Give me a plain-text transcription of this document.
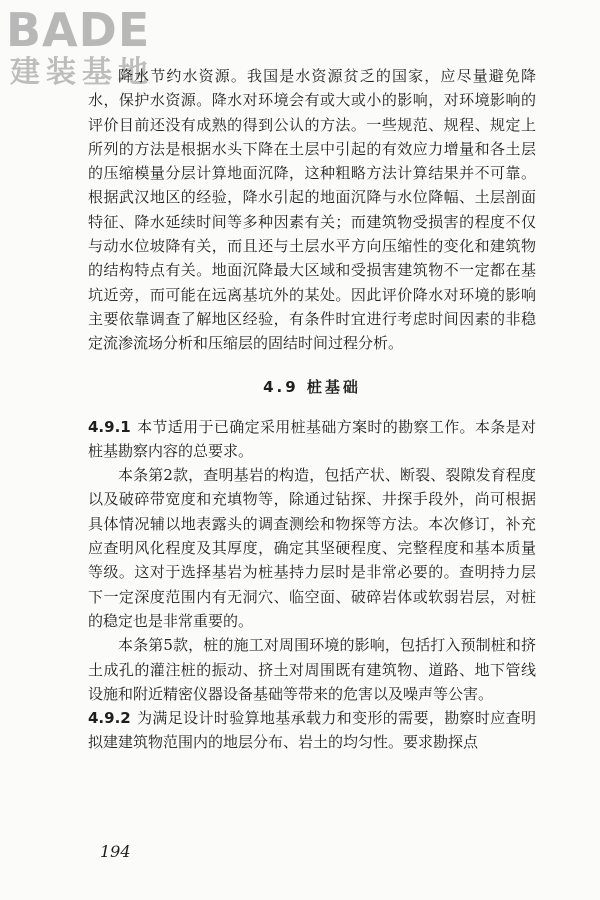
BADE
建装基地

降水节约水资源。我国是水资源贫乏的国家，应尽量避免降水，保护水资源。降水对环境会有或大或小的影响，对环境影响的评价目前还没有成熟的得到公认的方法。一些规范、规程、规定上所列的方法是根据水头下降在土层中引起的有效应力增量和各土层的压缩模量分层计算地面沉降，这种粗略方法计算结果并不可靠。根据武汉地区的经验，降水引起的地面沉降与水位降幅、土层剖面特征、降水延续时间等多种因素有关；而建筑物受损害的程度不仅与动水位坡降有关，而且还与土层水平方向压缩性的变化和建筑物的结构特点有关。地面沉降最大区域和受损害建筑物不一定都在基坑近旁，而可能在远离基坑外的某处。因此评价降水对环境的影响主要依靠调查了解地区经验，有条件时宜进行考虑时间因素的非稳定流渗流场分析和压缩层的固结时间过程分析。

4.9 桩基础

4.9.1 本节适用于已确定采用桩基础方案时的勘察工作。本条是对桩基勘察内容的总要求。

本条第2款，查明基岩的构造，包括产状、断裂、裂隙发育程度以及破碎带宽度和充填物等，除通过钻探、井探手段外，尚可根据具体情况辅以地表露头的调查测绘和物探等方法。本次修订，补充应查明风化程度及其厚度，确定其坚硬程度、完整程度和基本质量等级。这对于选择基岩为桩基持力层时是非常必要的。查明持力层下一定深度范围内有无洞穴、临空面、破碎岩体或软弱岩层，对桩的稳定也是非常重要的。

本条第5款，桩的施工对周围环境的影响，包括打入预制桩和挤土成孔的灌注桩的振动、挤土对周围既有建筑物、道路、地下管线设施和附近精密仪器设备基础等带来的危害以及噪声等公害。

4.9.2 为满足设计时验算地基承载力和变形的需要，勘察时应查明拟建建筑物范围内的地层分布、岩土的均匀性。要求勘探点

194
